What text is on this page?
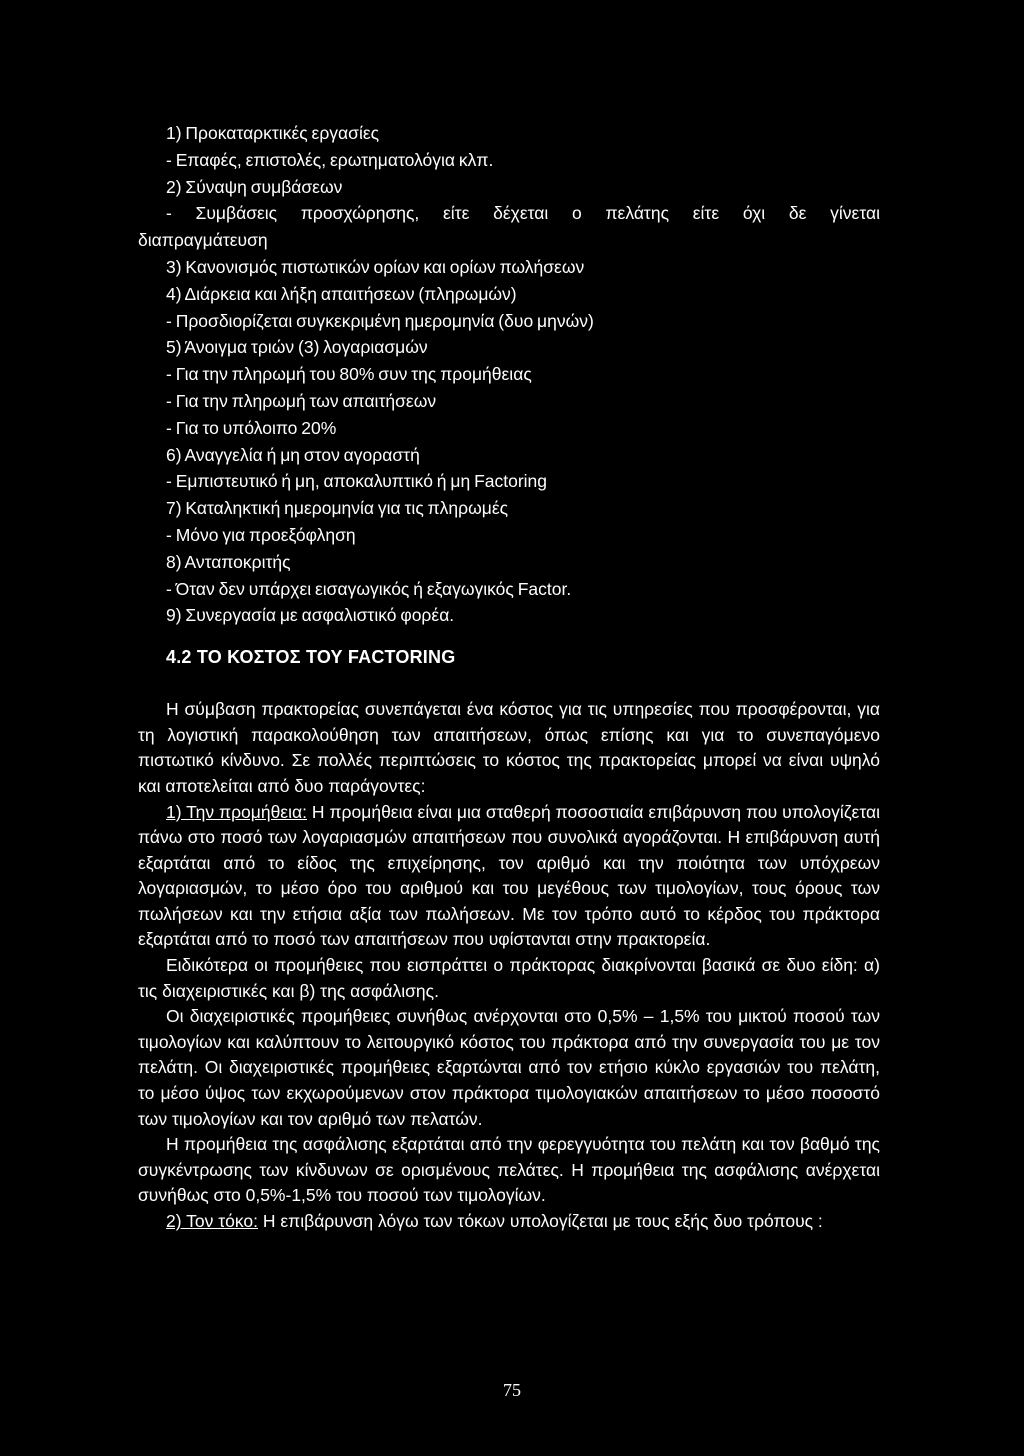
1) Προκαταρκτικές εργασίες
- Επαφές, επιστολές, ερωτηματολόγια κλπ.
2) Σύναψη συμβάσεων
- Συμβάσεις προσχώρησης, είτε δέχεται ο πελάτης είτε όχι δε γίνεται
διαπραγμάτευση
3) Κανονισμός πιστωτικών ορίων και ορίων πωλήσεων
4) Διάρκεια και λήξη απαιτήσεων (πληρωμών)
- Προσδιορίζεται συγκεκριμένη ημερομηνία (δυο μηνών)
5) Άνοιγμα τριών (3) λογαριασμών
- Για την πληρωμή του 80% συν της προμήθειας
- Για την πληρωμή των απαιτήσεων
- Για το υπόλοιπο 20%
6) Αναγγελία ή μη στον αγοραστή
- Εμπιστευτικό ή μη, αποκαλυπτικό ή μη Factoring
7) Καταληκτική ημερομηνία για τις πληρωμές
- Μόνο για προεξόφληση
8) Ανταποκριτής
- Όταν δεν υπάρχει εισαγωγικός ή εξαγωγικός Factor.
9) Συνεργασία με ασφαλιστικό φορέα.
4.2 ΤΟ ΚΟΣΤΟΣ ΤΟΥ FACTORING

Η σύμβαση πρακτορείας συνεπάγεται ένα κόστος για τις υπηρεσίες που προσφέρονται, για τη λογιστική παρακολούθηση των απαιτήσεων, όπως επίσης και για το συνεπαγόμενο πιστωτικό κίνδυνο. Σε πολλές περιπτώσεις το κόστος της πρακτορείας μπορεί να είναι υψηλό και αποτελείται από δυο παράγοντες:

1) Την προμήθεια: Η προμήθεια είναι μια σταθερή ποσοστιαία επιβάρυνση που υπολογίζεται πάνω στο ποσό των λογαριασμών απαιτήσεων που συνολικά αγοράζονται. Η επιβάρυνση αυτή εξαρτάται από το είδος της επιχείρησης, τον αριθμό και την ποιότητα των υπόχρεων λογαριασμών, το μέσο όρο του αριθμού και του μεγέθους των τιμολογίων, τους όρους των πωλήσεων και την ετήσια αξία των πωλήσεων. Με τον τρόπο αυτό το κέρδος του πράκτορα εξαρτάται από το ποσό των απαιτήσεων που υφίστανται στην πρακτορεία.

Ειδικότερα οι προμήθειες που εισπράττει ο πράκτορας διακρίνονται βασικά σε δυο είδη: α) τις διαχειριστικές και β) της ασφάλισης.

Οι διαχειριστικές προμήθειες συνήθως ανέρχονται στο 0,5% – 1,5% του μικτού ποσού των τιμολογίων και καλύπτουν το λειτουργικό κόστος του πράκτορα από την συνεργασία του με τον πελάτη. Οι διαχειριστικές προμήθειες εξαρτώνται από τον ετήσιο κύκλο εργασιών του πελάτη, το μέσο ύψος των εκχωρούμενων στον πράκτορα τιμολογιακών απαιτήσεων το μέσο ποσοστό των τιμολογίων και τον αριθμό των πελατών.

Η προμήθεια της ασφάλισης εξαρτάται από την φερεγγυότητα του πελάτη και τον βαθμό της συγκέντρωσης των κίνδυνων σε ορισμένους πελάτες. Η προμήθεια της ασφάλισης ανέρχεται συνήθως στο 0,5%-1,5% του ποσού των τιμολογίων.

2) Τον τόκο: Η επιβάρυνση λόγω των τόκων υπολογίζεται με τους εξής δυο τρόπους :

75
